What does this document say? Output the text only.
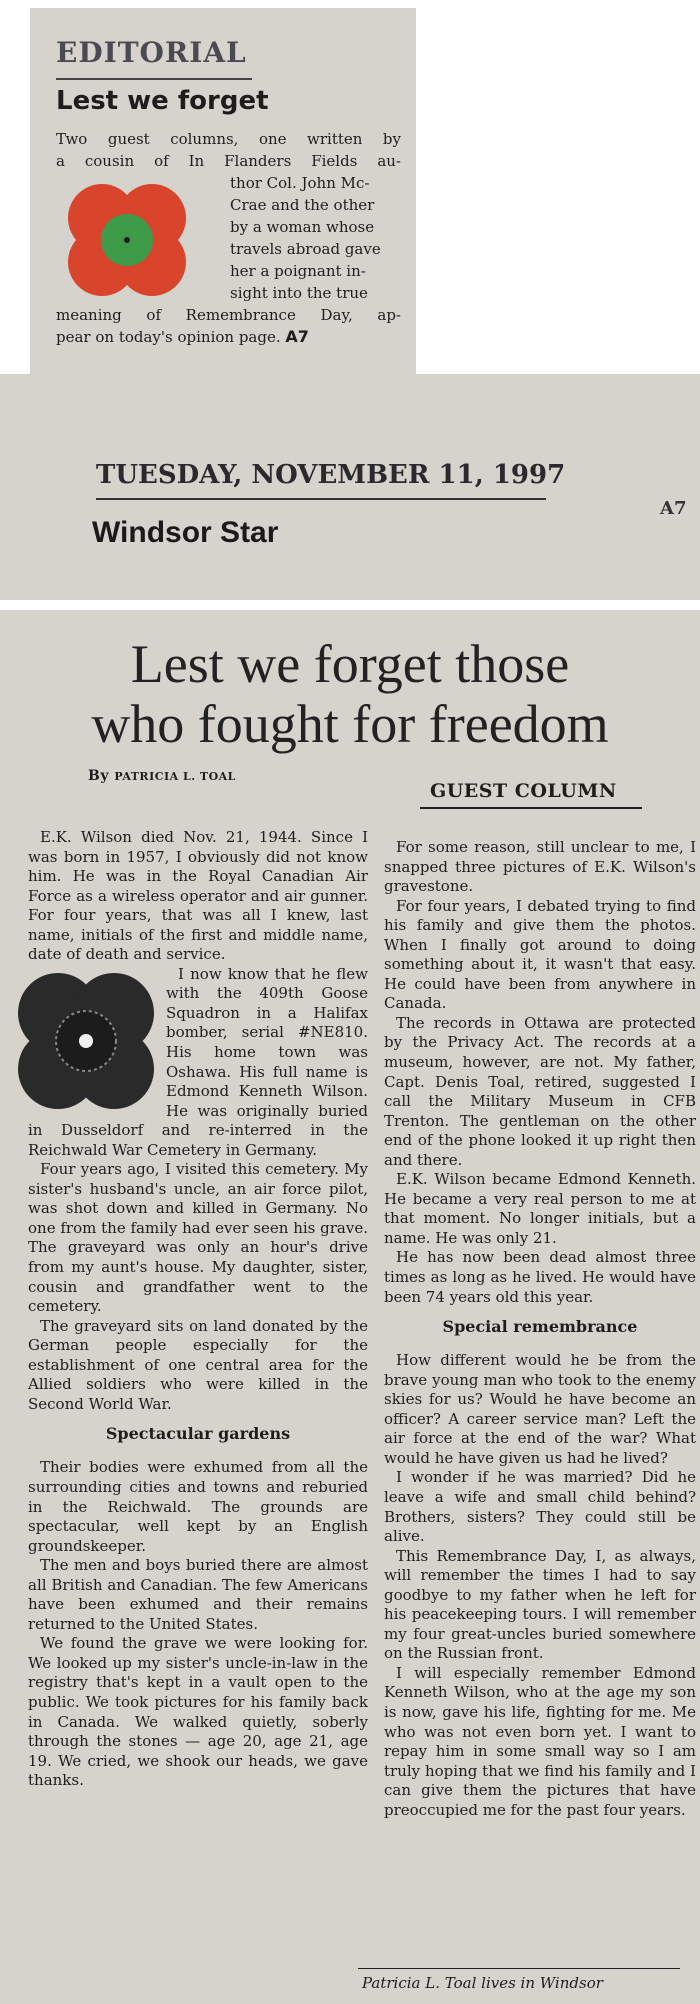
EDITORIAL
Lest we forget
Two guest columns, one written by
a cousin of In Flanders Fields au-
thor Col. John Mc-
Crae and the other
by a woman whose
travels abroad gave
her a poignant in-
sight into the true
meaning of Remembrance Day, ap-
pear on today's opinion page. A7
TUESDAY, NOVEMBER 11, 1997
Windsor Star
A7
Lest we forget those
who fought for freedom
By PATRICIA L. TOAL
GUEST COLUMN

E.K. Wilson died Nov. 21, 1944. Since I was born in 1957, I obviously did not know him. He was in the Royal Canadian Air Force as a wireless operator and air gunner. For four years, that was all I knew, last name, initials of the first and middle name, date of death and service.

I now know that he flew with the 409th Goose Squadron in a Halifax bomber, serial #NE810. His home town was Oshawa. His full name is Edmond Kenneth Wilson. He was originally buried in Dusseldorf and re-interred in the Reichwald War Cemetery in Germany.

Four years ago, I visited this cemetery. My sister's husband's uncle, an air force pilot, was shot down and killed in Germany. No one from the family had ever seen his grave. The graveyard was only an hour's drive from my aunt's house. My daughter, sister, cousin and grandfather went to the cemetery.

The graveyard sits on land donated by the German people especially for the establishment of one central area for the Allied soldiers who were killed in the Second World War.

Spectacular gardens

Their bodies were exhumed from all the surrounding cities and towns and reburied in the Reichwald. The grounds are spectacular, well kept by an English groundskeeper.

The men and boys buried there are almost all British and Canadian. The few Americans have been exhumed and their remains returned to the United States.

We found the grave we were looking for. We looked up my sister's uncle-in-law in the registry that's kept in a vault open to the public. We took pictures for his family back in Canada. We walked quietly, soberly through the stones — age 20, age 21, age 19. We cried, we shook our heads, we gave thanks.

For some reason, still unclear to me, I snapped three pictures of E.K. Wilson's gravestone.

For four years, I debated trying to find his family and give them the photos. When I finally got around to doing something about it, it wasn't that easy. He could have been from anywhere in Canada.

The records in Ottawa are protected by the Privacy Act. The records at a museum, however, are not. My father, Capt. Denis Toal, retired, suggested I call the Military Museum in CFB Trenton. The gentleman on the other end of the phone looked it up right then and there.

E.K. Wilson became Edmond Kenneth. He became a very real person to me at that moment. No longer initials, but a name. He was only 21.

He has now been dead almost three times as long as he lived. He would have been 74 years old this year.

Special remembrance

How different would he be from the brave young man who took to the enemy skies for us? Would he have become an officer? A career service man? Left the air force at the end of the war? What would he have given us had he lived?

I wonder if he was married? Did he leave a wife and small child behind? Brothers, sisters? They could still be alive.

This Remembrance Day, I, as always, will remember the times I had to say goodbye to my father when he left for his peacekeeping tours. I will remember my four great-uncles buried somewhere on the Russian front.

I will especially remember Edmond Kenneth Wilson, who at the age my son is now, gave his life, fighting for me. Me who was not even born yet. I want to repay him in some small way so I am truly hoping that we find his family and I can give them the pictures that have preoccupied me for the past four years.

Patricia L. Toal lives in Windsor
